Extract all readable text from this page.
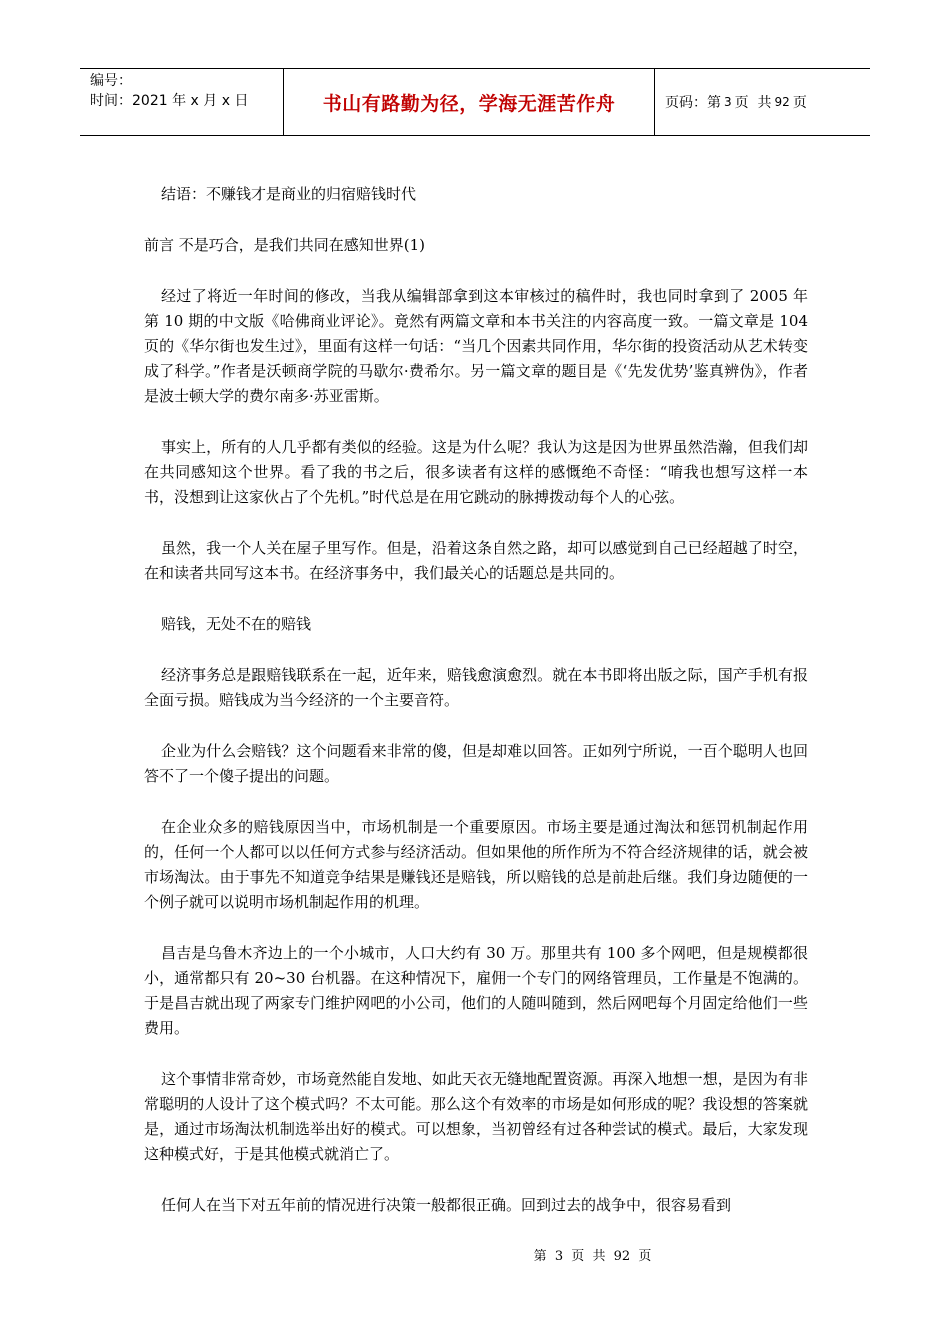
编号：
时间：2021 年 x 月 x 日	书山有路勤为径，学海无涯苦作舟	页码：第 3 页  共 92 页

结语：不赚钱才是商业的归宿赔钱时代

前言 不是巧合，是我们共同在感知世界(1)

经过了将近一年时间的修改，当我从编辑部拿到这本审核过的稿件时，我也同时拿到了 2005 年第 10 期的中文版《哈佛商业评论》。竟然有两篇文章和本书关注的内容高度一致。一篇文章是 104 页的《华尔街也发生过》，里面有这样一句话：“当几个因素共同作用，华尔街的投资活动从艺术转变成了科学。”作者是沃顿商学院的马歇尔·费希尔。另一篇文章的题目是《‘先发优势’鉴真辨伪》，作者是波士顿大学的费尔南多·苏亚雷斯。

事实上，所有的人几乎都有类似的经验。这是为什么呢？我认为这是因为世界虽然浩瀚，但我们却在共同感知这个世界。看了我的书之后，很多读者有这样的感慨绝不奇怪：“唷我也想写这样一本书，没想到让这家伙占了个先机。”时代总是在用它跳动的脉搏拨动每个人的心弦。

虽然，我一个人关在屋子里写作。但是，沿着这条自然之路，却可以感觉到自己已经超越了时空，在和读者共同写这本书。在经济事务中，我们最关心的话题总是共同的。

赔钱，无处不在的赔钱

经济事务总是跟赔钱联系在一起，近年来，赔钱愈演愈烈。就在本书即将出版之际，国产手机有报全面亏损。赔钱成为当今经济的一个主要音符。

企业为什么会赔钱？这个问题看来非常的傻，但是却难以回答。正如列宁所说，一百个聪明人也回答不了一个傻子提出的问题。

在企业众多的赔钱原因当中，市场机制是一个重要原因。市场主要是通过淘汰和惩罚机制起作用的，任何一个人都可以以任何方式参与经济活动。但如果他的所作所为不符合经济规律的话，就会被市场淘汰。由于事先不知道竞争结果是赚钱还是赔钱，所以赔钱的总是前赴后继。我们身边随便的一个例子就可以说明市场机制起作用的机理。

昌吉是乌鲁木齐边上的一个小城市，人口大约有 30 万。那里共有 100 多个网吧，但是规模都很小，通常都只有 20~30 台机器。在这种情况下，雇佣一个专门的网络管理员，工作量是不饱满的。于是昌吉就出现了两家专门维护网吧的小公司，他们的人随叫随到，然后网吧每个月固定给他们一些费用。

这个事情非常奇妙，市场竟然能自发地、如此天衣无缝地配置资源。再深入地想一想，是因为有非常聪明的人设计了这个模式吗？不太可能。那么这个有效率的市场是如何形成的呢？我设想的答案就是，通过市场淘汰机制选举出好的模式。可以想象，当初曾经有过各种尝试的模式。最后，大家发现这种模式好，于是其他模式就消亡了。

任何人在当下对五年前的情况进行决策一般都很正确。回到过去的战争中，很容易看到

第 3 页  共 92 页
